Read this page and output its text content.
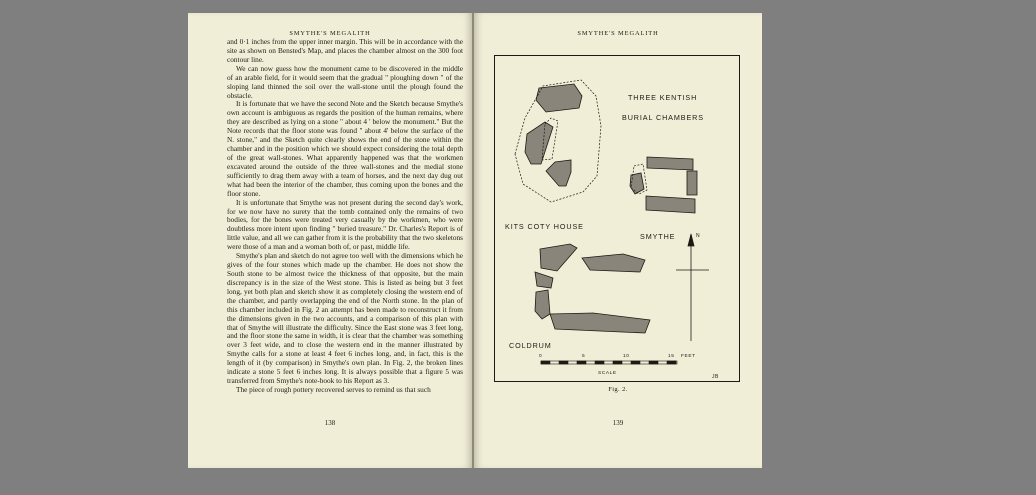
SMYTHE'S MEGALITH

and 0·1 inches from the upper inner margin. This will be in accordance with the site as shown on Bensted's Map, and places the chamber almost on the 300 foot contour line.

We can now guess how the monument came to be discovered in the middle of an arable field, for it would seem that the gradual " ploughing down " of the sloping land thinned the soil over the wall-stone until the plough found the obstacle.

It is fortunate that we have the second Note and the Sketch because Smythe's own account is ambiguous as regards the position of the human remains, where they are described as lying on a stone " about 4 ' below the monument." But the Note records that the floor stone was found " about 4' below the surface of the N. stone," and the Sketch quite clearly shows the end of the stone within the chamber and in the position which we should expect considering the total depth of the great wall-stones. What apparently happened was that the workmen excavated around the outside of the three wall-stones and the medial stone sufficiently to drag them away with a team of horses, and the next day dug out what had been the interior of the chamber, thus coming upon the bones and the floor stone.

It is unfortunate that Smythe was not present during the second day's work, for we now have no surety that the tomb contained only the remains of two bodies, for the bones were treated very casually by the workmen, who were doubtless more intent upon finding " buried treasure." Dr. Charles's Report is of little value, and all we can gather from it is the probability that the two skeletons were those of a man and a woman both of, or past, middle life.

Smythe's plan and sketch do not agree too well with the dimensions which he gives of the four stones which made up the chamber. He does not show the South stone to be almost twice the thickness of that opposite, but the main discrepancy is in the size of the West stone. This is listed as being but 3 feet long, yet both plan and sketch show it as completely closing the western end of the chamber, and partly overlapping the end of the North stone. In the plan of this chamber included in Fig. 2 an attempt has been made to reconstruct it from the dimensions given in the two accounts, and a comparison of this plan with that of Smythe will illustrate the difficulty. Since the East stone was 3 feet long, and the floor stone the same in width, it is clear that the chamber was something over 3 feet wide, and to close the western end in the manner illustrated by Smythe calls for a stone at least 4 feet 6 inches long, and, in fact, this is the length of it (by comparison) in Smythe's own plan. In Fig. 2, the broken lines indicate a stone 5 feet 6 inches long. It is always possible that a figure 5 was transferred from Smythe's note-book to his Report as 3.

The piece of rough pottery recovered serves to remind us that such

138
SMYTHE'S MEGALITH
THREE KENTISH
BURIAL CHAMBERS
KITS COTY HOUSE
SMYTHE
COLDRUM
N
0	5	10	15 FEET
SCALE
JB
Fig. 2.
139
